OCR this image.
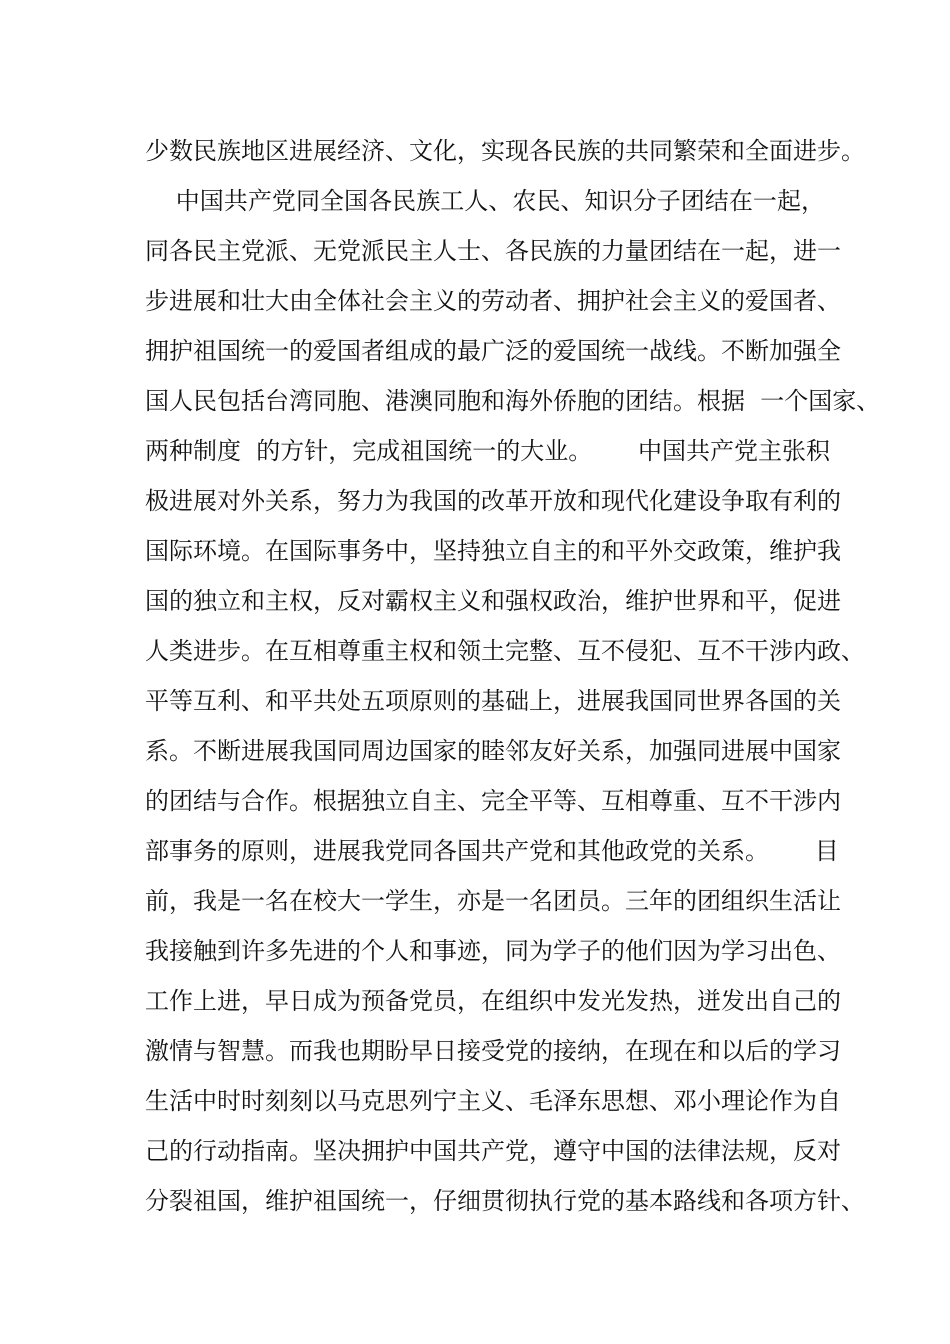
少数民族地区进展经济、文化，实现各民族的共同繁荣和全面进步。
中国共产党同全国各民族工人、农民、知识分子团结在一起，
同各民主党派、无党派民主人士、各民族的力量团结在一起，进一
步进展和壮大由全体社会主义的劳动者、拥护社会主义的爱国者、
拥护祖国统一的爱国者组成的最广泛的爱国统一战线。不断加强全
国人民包括台湾同胞、港澳同胞和海外侨胞的团结。根据  一个国家、
两种制度  的方针，完成祖国统一的大业。      中国共产党主张积
极进展对外关系，努力为我国的改革开放和现代化建设争取有利的
国际环境。在国际事务中，坚持独立自主的和平外交政策，维护我
国的独立和主权，反对霸权主义和强权政治，维护世界和平，促进
人类进步。在互相尊重主权和领土完整、互不侵犯、互不干涉内政、
平等互利、和平共处五项原则的基础上，进展我国同世界各国的关
系。不断进展我国同周边国家的睦邻友好关系，加强同进展中国家
的团结与合作。根据独立自主、完全平等、互相尊重、互不干涉内
部事务的原则，进展我党同各国共产党和其他政党的关系。      目
前，我是一名在校大一学生，亦是一名团员。三年的团组织生活让
我接触到许多先进的个人和事迹，同为学子的他们因为学习出色、
工作上进，早日成为预备党员，在组织中发光发热，迸发出自己的
激情与智慧。而我也期盼早日接受党的接纳，在现在和以后的学习
生活中时时刻刻以马克思列宁主义、毛泽东思想、邓小理论作为自
己的行动指南。坚决拥护中国共产党，遵守中国的法律法规，反对
分裂祖国，维护祖国统一，仔细贯彻执行党的基本路线和各项方针、
